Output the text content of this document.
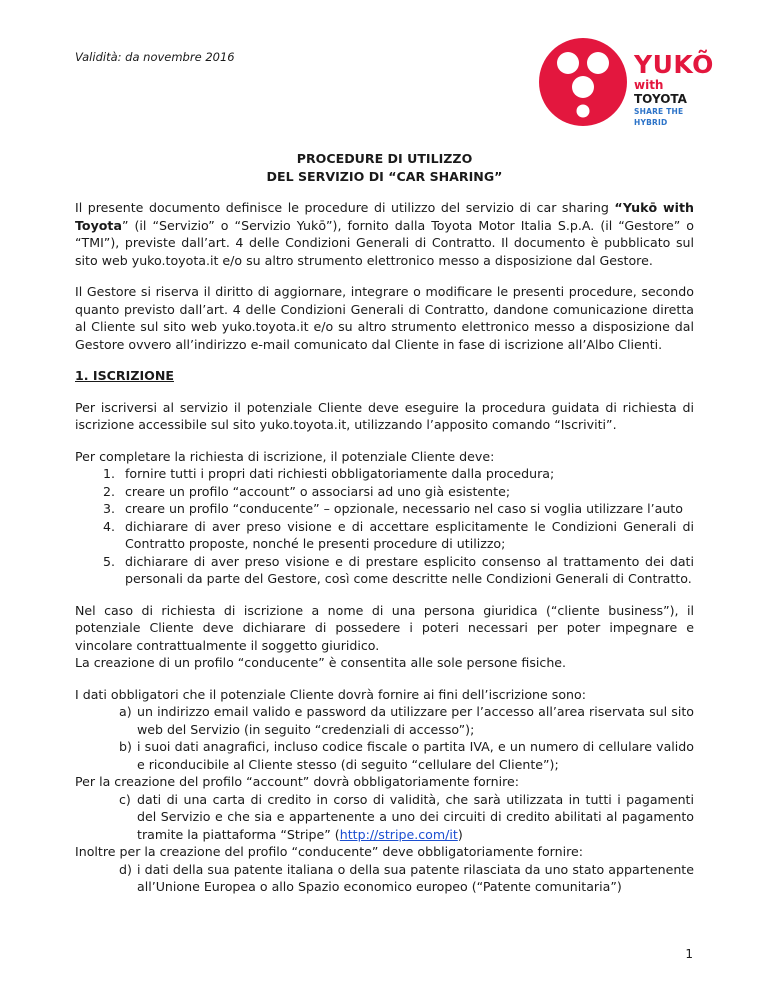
Validità: da novembre 2016	YUKÕ
with TOYOTA
SHARE THE HYBRID
PROCEDURE DI UTILIZZO
DEL SERVIZIO DI “CAR SHARING”

Il presente documento definisce le procedure di utilizzo del servizio di car sharing “Yukō with Toyota” (il “Servizio” o “Servizio Yukō”), fornito dalla Toyota Motor Italia S.p.A. (il “Gestore” o “TMI”), previste dall’art. 4 delle Condizioni Generali di Contratto. Il documento è pubblicato sul sito web yuko.toyota.it e/o su altro strumento elettronico messo a disposizione dal Gestore.

Il Gestore si riserva il diritto di aggiornare, integrare o modificare le presenti procedure, secondo quanto previsto dall’art. 4 delle Condizioni Generali di Contratto, dandone comunicazione diretta al Cliente sul sito web yuko.toyota.it e/o su altro strumento elettronico messo a disposizione dal Gestore ovvero all’indirizzo e-mail comunicato dal Cliente in fase di iscrizione all’Albo Clienti.

1. ISCRIZIONE

Per iscriversi al servizio il potenziale Cliente deve eseguire la procedura guidata di richiesta di iscrizione accessibile sul sito yuko.toyota.it, utilizzando l’apposito comando “Iscriviti”.

Per completare la richiesta di iscrizione, il potenziale Cliente deve:
1. fornire tutti i propri dati richiesti obbligatoriamente dalla procedura;
2. creare un profilo “account” o associarsi ad uno già esistente;
3. creare un profilo “conducente” – opzionale, necessario nel caso si voglia utilizzare l’auto
4. dichiarare di aver preso visione e di accettare esplicitamente le Condizioni Generali di Contratto proposte, nonché le presenti procedure di utilizzo;
5. dichiarare di aver preso visione e di prestare esplicito consenso al trattamento dei dati personali da parte del Gestore, così come descritte nelle Condizioni Generali di Contratto.

Nel caso di richiesta di iscrizione a nome di una persona giuridica (“cliente business”), il potenziale Cliente deve dichiarare di possedere i poteri necessari per poter impegnare e vincolare contrattualmente il soggetto giuridico.
La creazione di un profilo “conducente” è consentita alle sole persone fisiche.

I dati obbligatori che il potenziale Cliente dovrà fornire ai fini dell’iscrizione sono:
a) un indirizzo email valido e password da utilizzare per l’accesso all’area riservata sul sito web del Servizio (in seguito “credenziali di accesso”);
b) i suoi dati anagrafici, incluso codice fiscale o partita IVA, e un numero di cellulare valido e riconducibile al Cliente stesso (di seguito “cellulare del Cliente”);
Per la creazione del profilo “account” dovrà obbligatoriamente fornire:
c) dati di una carta di credito in corso di validità, che sarà utilizzata in tutti i pagamenti del Servizio e che sia e appartenente a uno dei circuiti di credito abilitati al pagamento tramite la piattaforma “Stripe” (http://stripe.com/it)
Inoltre per la creazione del profilo “conducente” deve obbligatoriamente fornire:
d) i dati della sua patente italiana o della sua patente rilasciata da uno stato appartenente all’Unione Europea o allo Spazio economico europeo (“Patente comunitaria”)
1
